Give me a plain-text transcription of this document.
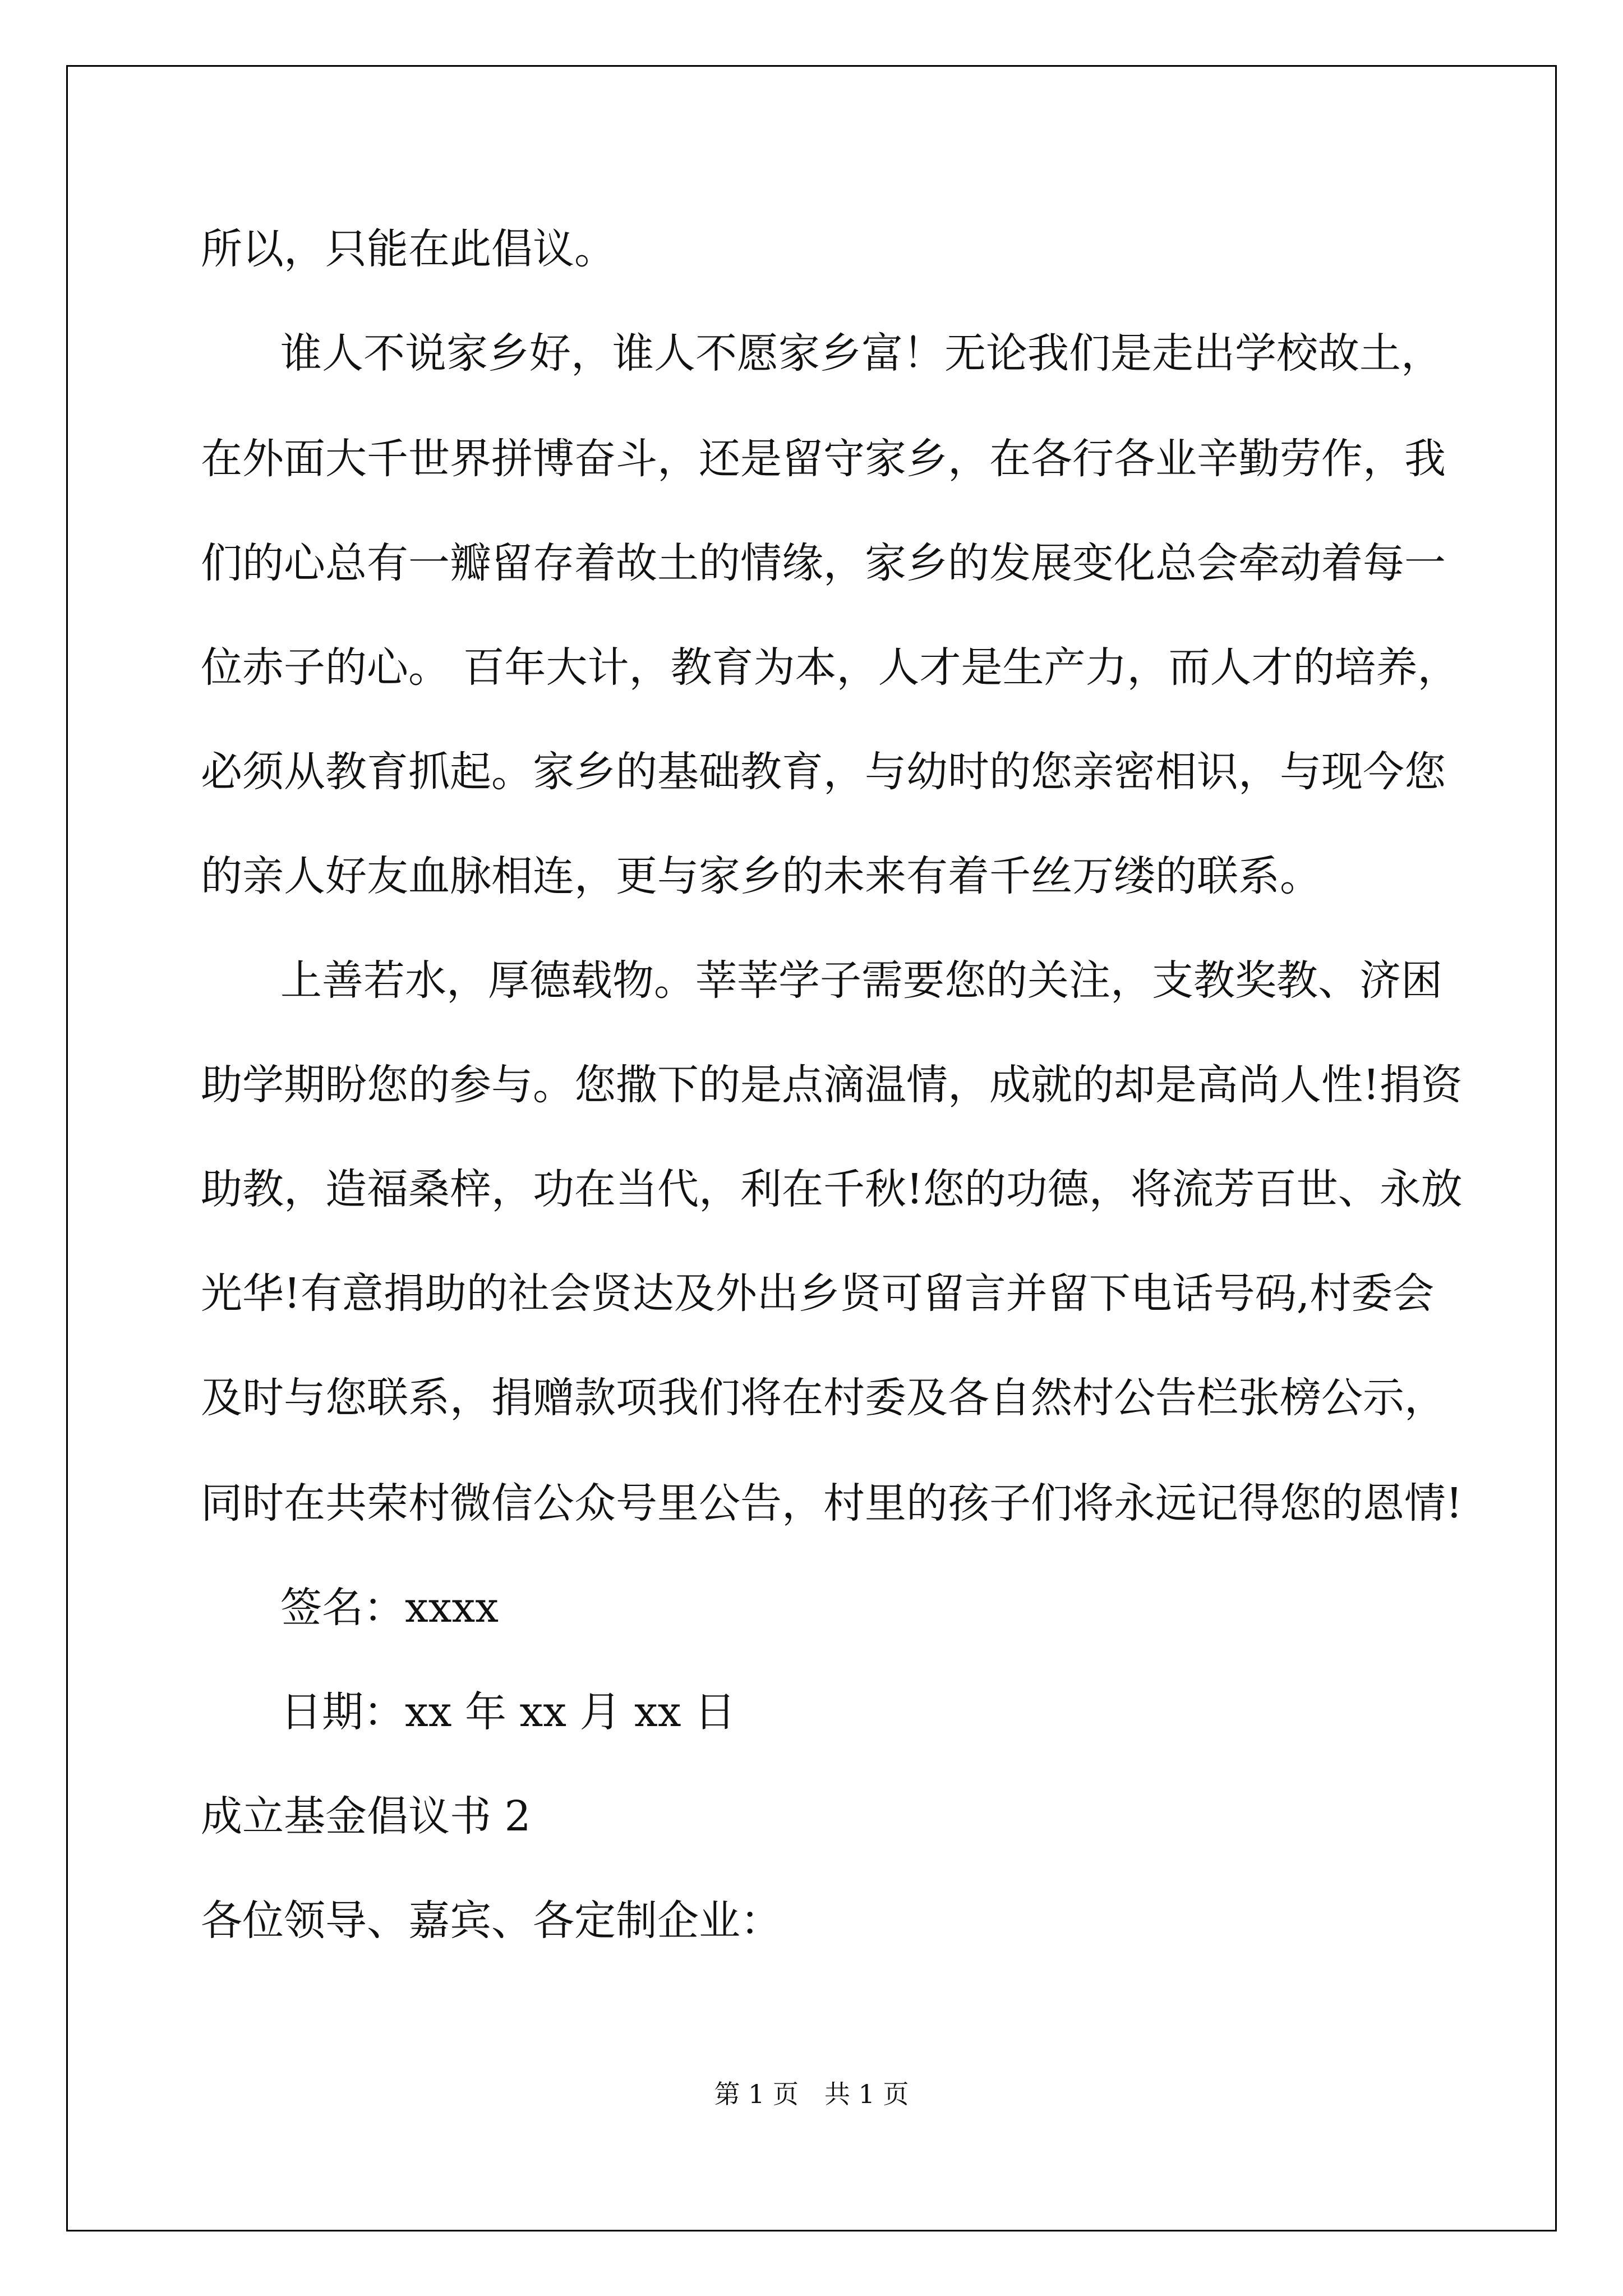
所以，只能在此倡议。
谁人不说家乡好，谁人不愿家乡富！无论我们是走出学校故土，
在外面大千世界拼博奋斗，还是留守家乡，在各行各业辛勤劳作，我
们的心总有一瓣留存着故土的情缘，家乡的发展变化总会牵动着每一
位赤子的心。 百年大计，教育为本，人才是生产力，而人才的培养，
必须从教育抓起。家乡的基础教育，与幼时的您亲密相识，与现今您
的亲人好友血脉相连，更与家乡的未来有着千丝万缕的联系。
上善若水，厚德载物。莘莘学子需要您的关注，支教奖教、济困
助学期盼您的参与。您撒下的是点滴温情，成就的却是高尚人性!捐资
助教，造福桑梓，功在当代，利在千秋!您的功德，将流芳百世、永放
光华!有意捐助的社会贤达及外出乡贤可留言并留下电话号码,村委会
及时与您联系，捐赠款项我们将在村委及各自然村公告栏张榜公示，
同时在共荣村微信公众号里公告，村里的孩子们将永远记得您的恩情!
签名：xxxx
日期：xx 年 xx 月 xx 日
成立基金倡议书 2
各位领导、嘉宾、各定制企业：
第 1 页　共 1 页
